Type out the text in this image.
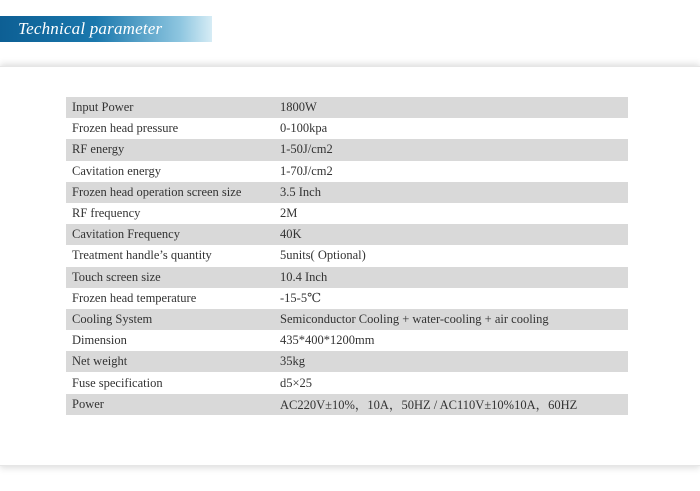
Technical parameter
Input Power	1800W
Frozen head pressure	0-100kpa
RF energy	1-50J/cm2
Cavitation energy	1-70J/cm2
Frozen head operation screen size	3.5 Inch
RF frequency	2M
Cavitation Frequency	40K
Treatment handle’s quantity	5units( Optional)
Touch screen size	10.4 Inch
Frozen head temperature	-15-5℃
Cooling System	Semiconductor Cooling + water-cooling + air cooling
Dimension	435*400*1200mm
Net weight	35kg
Fuse specification	d5×25
Power	AC220V±10%，10A，50HZ / AC110V±10%10A，60HZ
